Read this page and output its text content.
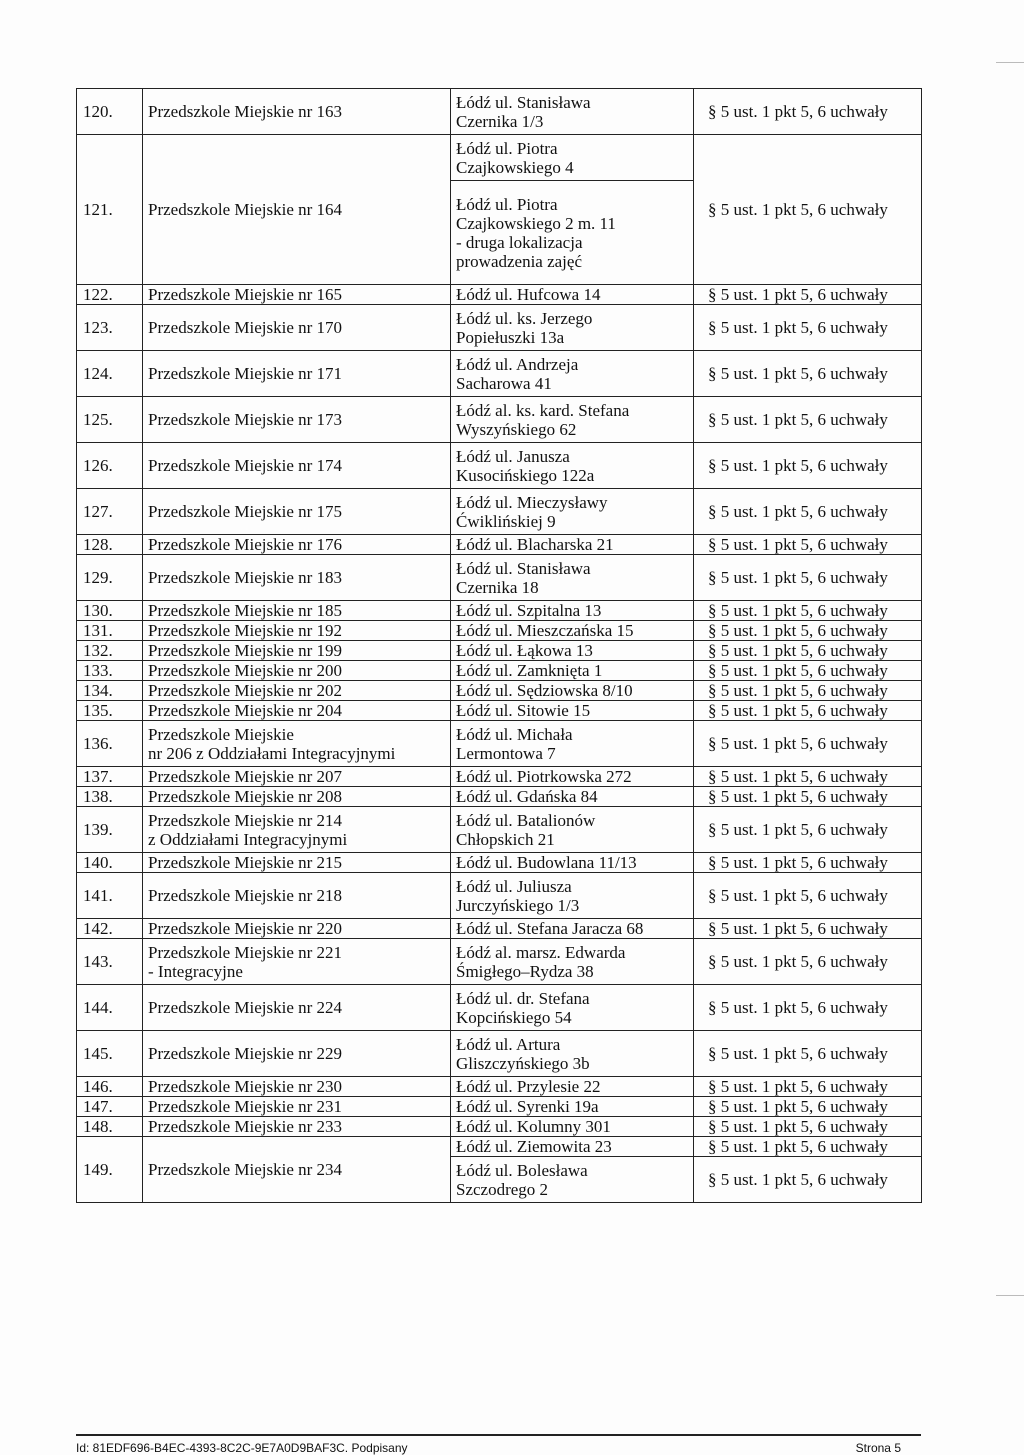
120.	Przedszkole Miejskie nr 163	Łódź ul. Stanisława
Czernika 1/3	§ 5 ust. 1 pkt 5, 6 uchwały
121.	Przedszkole Miejskie nr 164	Łódź ul. Piotra
Czajkowskiego 4	§ 5 ust. 1 pkt 5, 6 uchwały

		Łódź ul. Piotra
Czajkowskiego 2 m. 11
- druga lokalizacja
prowadzenia zajęć	

122.	Przedszkole Miejskie nr 165	Łódź ul. Hufcowa 14	§ 5 ust. 1 pkt 5, 6 uchwały
123.	Przedszkole Miejskie nr 170	Łódź ul. ks. Jerzego
Popiełuszki 13a	§ 5 ust. 1 pkt 5, 6 uchwały
124.	Przedszkole Miejskie nr 171	Łódź ul. Andrzeja
Sacharowa 41	§ 5 ust. 1 pkt 5, 6 uchwały
125.	Przedszkole Miejskie nr 173	Łódź al. ks. kard. Stefana
Wyszyńskiego 62	§ 5 ust. 1 pkt 5, 6 uchwały
126.	Przedszkole Miejskie nr 174	Łódź ul. Janusza
Kusocińskiego 122a	§ 5 ust. 1 pkt 5, 6 uchwały
127.	Przedszkole Miejskie nr 175	Łódź ul. Mieczysławy
Ćwiklińskiej 9	§ 5 ust. 1 pkt 5, 6 uchwały
128.	Przedszkole Miejskie nr 176	Łódź ul. Blacharska 21	§ 5 ust. 1 pkt 5, 6 uchwały
129.	Przedszkole Miejskie nr 183	Łódź ul. Stanisława
Czernika 18	§ 5 ust. 1 pkt 5, 6 uchwały
130.	Przedszkole Miejskie nr 185	Łódź ul. Szpitalna 13	§ 5 ust. 1 pkt 5, 6 uchwały
131.	Przedszkole Miejskie nr 192	Łódź ul. Mieszczańska 15	§ 5 ust. 1 pkt 5, 6 uchwały
132.	Przedszkole Miejskie nr 199	Łódź ul. Łąkowa 13	§ 5 ust. 1 pkt 5, 6 uchwały
133.	Przedszkole Miejskie nr 200	Łódź ul. Zamknięta 1	§ 5 ust. 1 pkt 5, 6 uchwały
134.	Przedszkole Miejskie nr 202	Łódź ul. Sędziowska 8/10	§ 5 ust. 1 pkt 5, 6 uchwały
135.	Przedszkole Miejskie nr 204	Łódź ul. Sitowie 15	§ 5 ust. 1 pkt 5, 6 uchwały
136.	Przedszkole Miejskie
nr 206 z Oddziałami Integracyjnymi	Łódź ul. Michała
Lermontowa 7	§ 5 ust. 1 pkt 5, 6 uchwały
137.	Przedszkole Miejskie nr 207	Łódź ul. Piotrkowska 272	§ 5 ust. 1 pkt 5, 6 uchwały
138.	Przedszkole Miejskie nr 208	Łódź ul. Gdańska 84	§ 5 ust. 1 pkt 5, 6 uchwały
139.	Przedszkole Miejskie nr 214
z Oddziałami Integracyjnymi	Łódź ul. Batalionów
Chłopskich 21	§ 5 ust. 1 pkt 5, 6 uchwały
140.	Przedszkole Miejskie nr 215	Łódź ul. Budowlana 11/13	§ 5 ust. 1 pkt 5, 6 uchwały
141.	Przedszkole Miejskie nr 218	Łódź ul. Juliusza
Jurczyńskiego 1/3	§ 5 ust. 1 pkt 5, 6 uchwały
142.	Przedszkole Miejskie nr 220	Łódź ul. Stefana Jaracza 68	§ 5 ust. 1 pkt 5, 6 uchwały
143.	Przedszkole Miejskie nr 221
- Integracyjne	Łódź al. marsz. Edwarda
Śmigłego–Rydza 38	§ 5 ust. 1 pkt 5, 6 uchwały
144.	Przedszkole Miejskie nr 224	Łódź ul. dr. Stefana
Kopcińskiego 54	§ 5 ust. 1 pkt 5, 6 uchwały
145.	Przedszkole Miejskie nr 229	Łódź ul. Artura
Gliszczyńskiego 3b	§ 5 ust. 1 pkt 5, 6 uchwały
146.	Przedszkole Miejskie nr 230	Łódź ul. Przylesie 22	§ 5 ust. 1 pkt 5, 6 uchwały
147.	Przedszkole Miejskie nr 231	Łódź ul. Syrenki 19a	§ 5 ust. 1 pkt 5, 6 uchwały
148.	Przedszkole Miejskie nr 233	Łódź ul. Kolumny 301	§ 5 ust. 1 pkt 5, 6 uchwały
149.	Przedszkole Miejskie nr 234	Łódź ul. Ziemowita 23	§ 5 ust. 1 pkt 5, 6 uchwały

		Łódź ul. Bolesława
Szczodrego 2	§ 5 ust. 1 pkt 5, 6 uchwały
Id: 81EDF696-B4EC-4393-8C2C-9E7A0D9BAF3C. Podpisany	Strona 5
